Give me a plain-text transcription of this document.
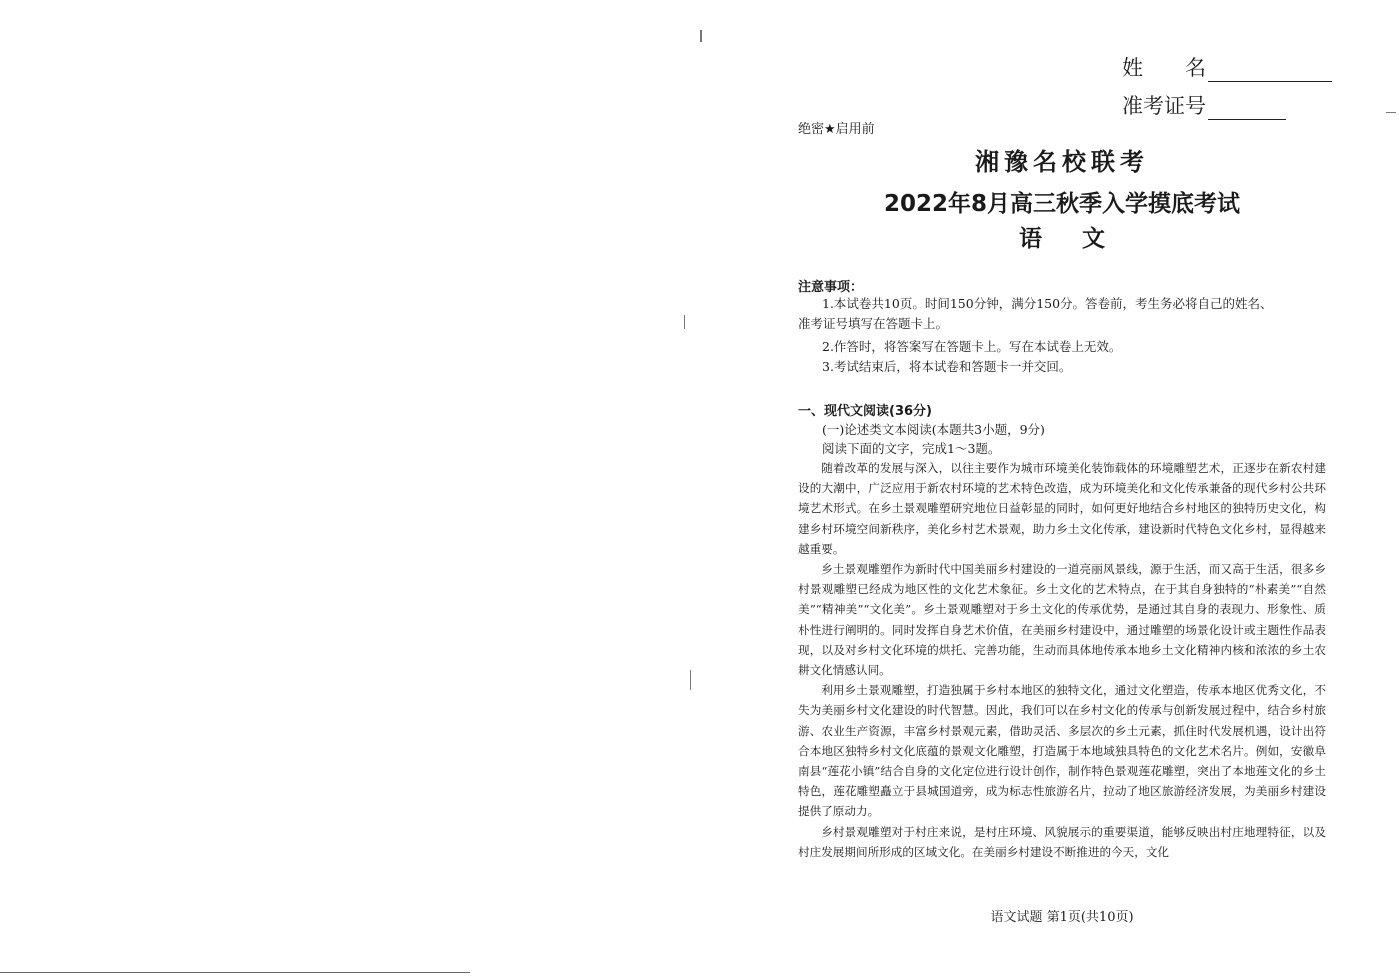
姓　　名
准考证号
绝密★启用前
湘豫名校联考
2022年8月高三秋季入学摸底考试
语文
注意事项：
1.本试卷共10页。时间150分钟，满分150分。答卷前，考生务必将自己的姓名、
准考证号填写在答题卡上。
2.作答时，将答案写在答题卡上。写在本试卷上无效。
3.考试结束后，将本试卷和答题卡一并交回。
一、现代文阅读(36分)
(一)论述类文本阅读(本题共3小题，9分)
阅读下面的文字，完成1～3题。

随着改革的发展与深入，以往主要作为城市环境美化装饰载体的环境雕塑艺术，正逐步在新农村建设的大潮中，广泛应用于新农村环境的艺术特色改造，成为环境美化和文化传承兼备的现代乡村公共环境艺术形式。在乡土景观雕塑研究地位日益彰显的同时，如何更好地结合乡村地区的独特历史文化，构建乡村环境空间新秩序，美化乡村艺术景观，助力乡土文化传承，建设新时代特色文化乡村，显得越来越重要。

乡土景观雕塑作为新时代中国美丽乡村建设的一道亮丽风景线，源于生活，而又高于生活，很多乡村景观雕塑已经成为地区性的文化艺术象征。乡土文化的艺术特点，在于其自身独特的“朴素美”“自然美”“精神美”“文化美”。乡土景观雕塑对于乡土文化的传承优势，是通过其自身的表现力、形象性、质朴性进行阐明的。同时发挥自身艺术价值，在美丽乡村建设中，通过雕塑的场景化设计或主题性作品表现，以及对乡村文化环境的烘托、完善功能，生动而具体地传承本地乡土文化精神内核和浓浓的乡土农耕文化情感认同。

利用乡土景观雕塑，打造独属于乡村本地区的独特文化，通过文化塑造，传承本地区优秀文化，不失为美丽乡村文化建设的时代智慧。因此，我们可以在乡村文化的传承与创新发展过程中，结合乡村旅游、农业生产资源，丰富乡村景观元素，借助灵活、多层次的乡土元素，抓住时代发展机遇，设计出符合本地区独特乡村文化底蕴的景观文化雕塑，打造属于本地域独具特色的文化艺术名片。例如，安徽阜南县“莲花小镇”结合自身的文化定位进行设计创作，制作特色景观莲花雕塑，突出了本地莲文化的乡土特色，莲花雕塑矗立于县城国道旁，成为标志性旅游名片，拉动了地区旅游经济发展，为美丽乡村建设提供了原动力。

乡村景观雕塑对于村庄来说，是村庄环境、风貌展示的重要渠道，能够反映出村庄地理特征，以及村庄发展期间所形成的区域文化。在美丽乡村建设不断推进的今天，文化

语文试题 第1页(共10页)
